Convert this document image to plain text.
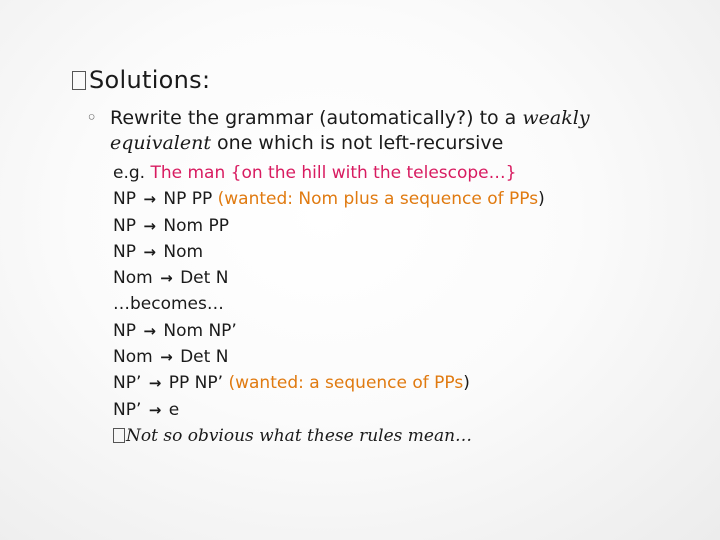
Solutions:
◦ Rewrite the grammar (automatically?) to a weakly
equivalent one which is not left-recursive
e.g. The man {on the hill with the telescope…}
NP → NP PP (wanted: Nom plus a sequence of PPs)
NP → Nom PP
NP → Nom
Nom → Det N
…becomes…
NP → Nom NP’
Nom → Det N
NP’ → PP NP’ (wanted: a sequence of PPs)
NP’ → e
Not so obvious what these rules mean…
